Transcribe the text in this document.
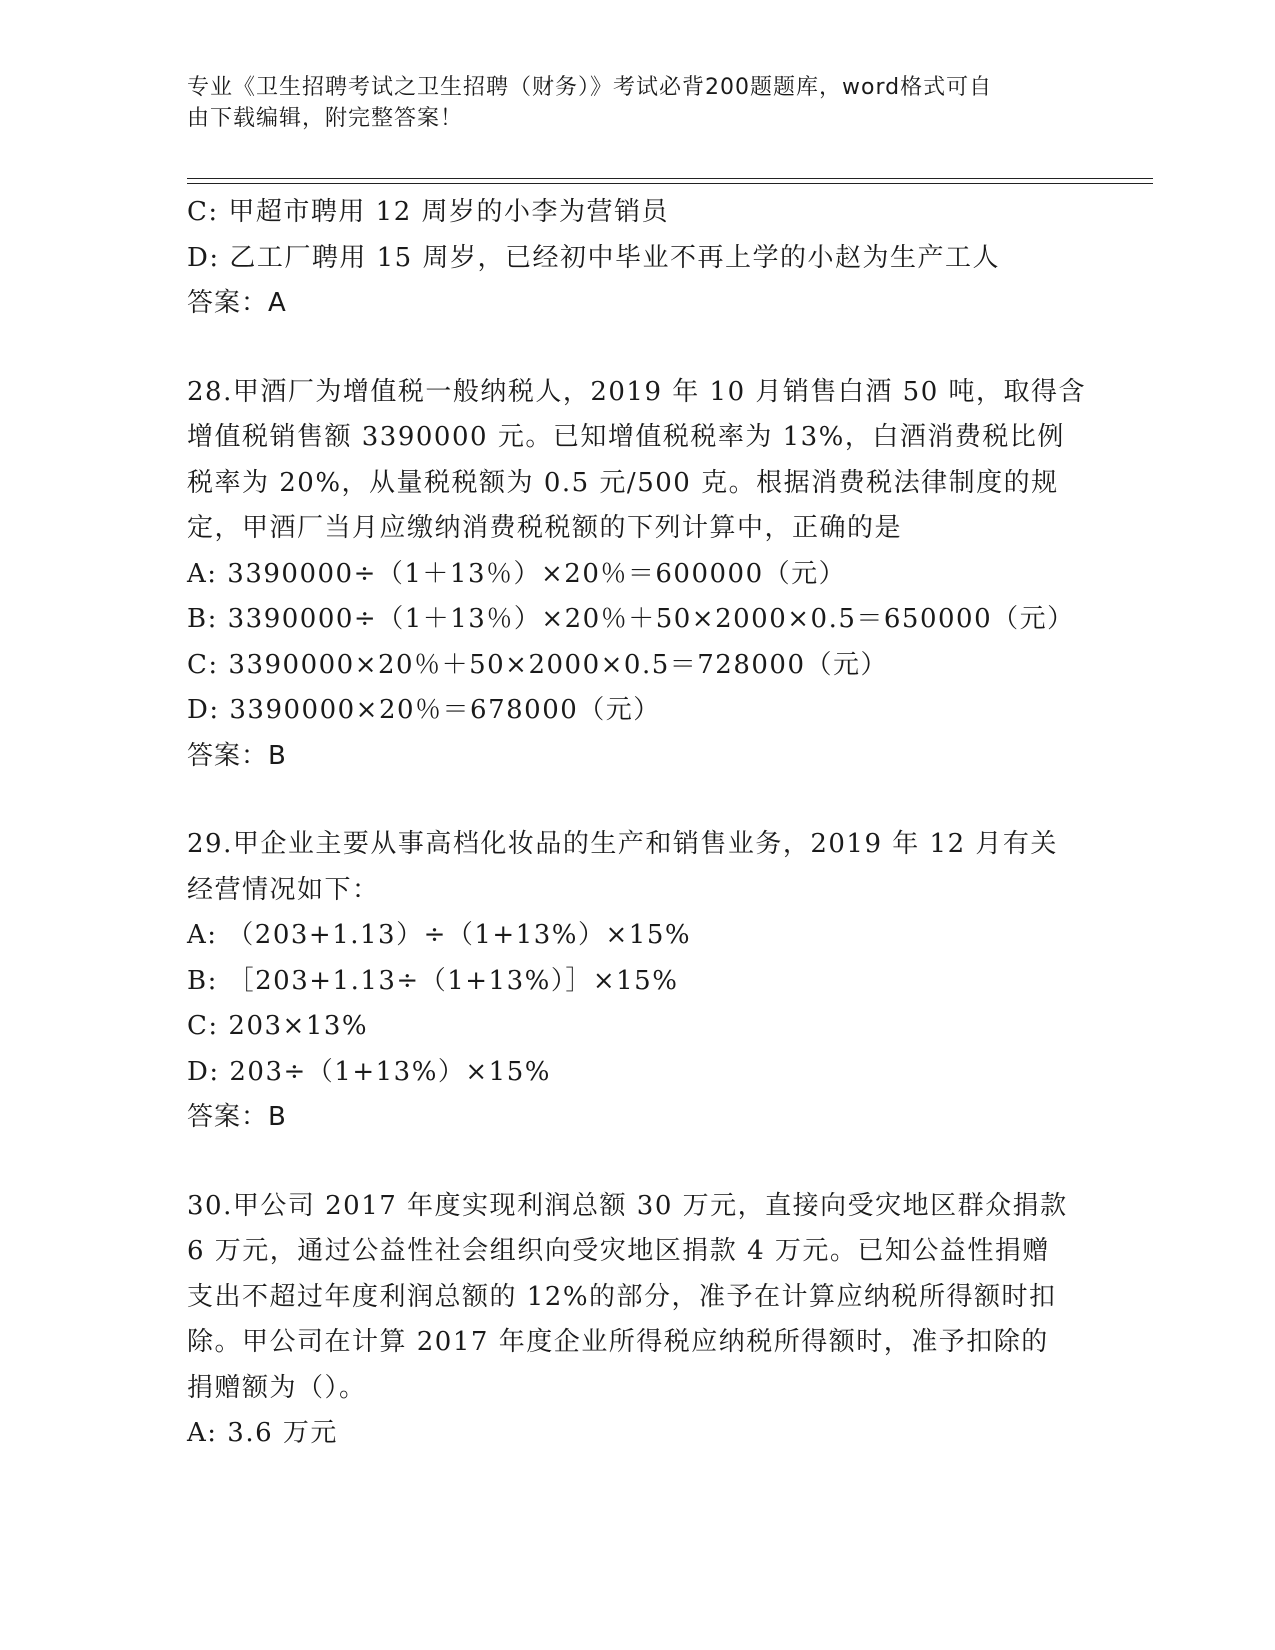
专业《卫生招聘考试之卫生招聘（财务）》考试必背200题题库，word格式可自
由下载编辑，附完整答案！
C: 甲超市聘用 12 周岁的小李为营销员
D: 乙工厂聘用 15 周岁，已经初中毕业不再上学的小赵为生产工人
答案：A
28.甲酒厂为增值税一般纳税人，2019 年 10 月销售白酒 50 吨，取得含
增值税销售额 3390000 元。已知增值税税率为 13%，白酒消费税比例
税率为 20%，从量税税额为 0.5 元/500 克。根据消费税法律制度的规
定，甲酒厂当月应缴纳消费税税额的下列计算中，正确的是
A: 3390000÷（1＋13％）×20％＝600000（元）
B: 3390000÷（1＋13％）×20％＋50×2000×0.5＝650000（元）
C: 3390000×20％＋50×2000×0.5＝728000（元）
D: 3390000×20％＝678000（元）
答案：B
29.甲企业主要从事高档化妆品的生产和销售业务，2019 年 12 月有关
经营情况如下：
A: （203+1.13）÷（1+13%）×15%
B: ［203+1.13÷（1+13%）］×15%
C: 203×13%
D: 203÷（1+13%）×15%
答案：B
30.甲公司 2017 年度实现利润总额 30 万元，直接向受灾地区群众捐款
6 万元，通过公益性社会组织向受灾地区捐款 4 万元。已知公益性捐赠
支出不超过年度利润总额的 12%的部分，准予在计算应纳税所得额时扣
除。甲公司在计算 2017 年度企业所得税应纳税所得额时，准予扣除的
捐赠额为（）。
A: 3.6 万元
